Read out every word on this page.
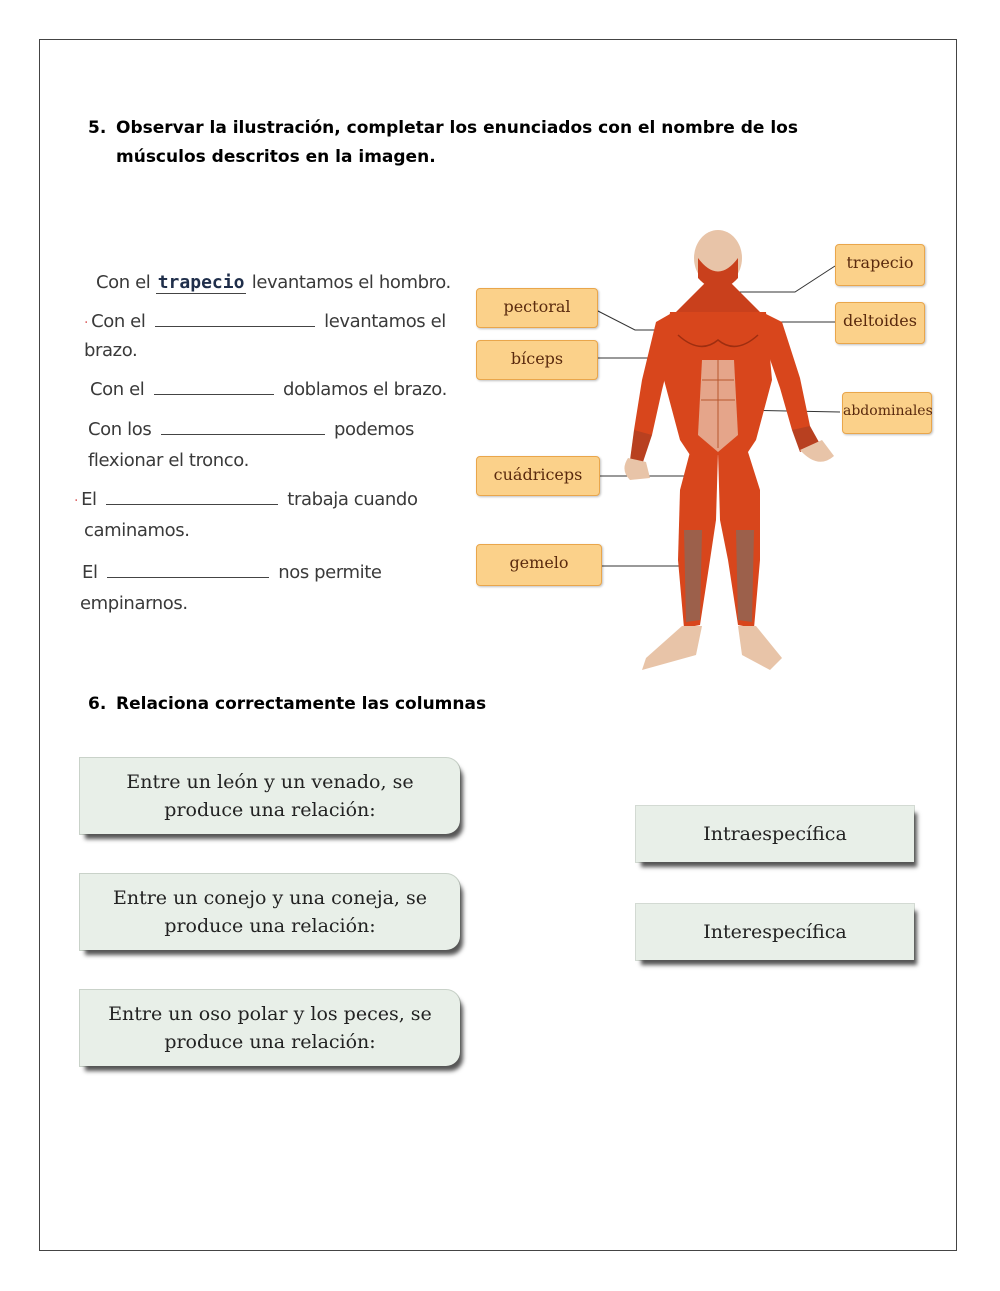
5. Observar la ilustración, completar los enunciados con el nombre de los
músculos descritos en la imagen.
Con el trapecio levantamos el hombro.
· Con el	levantamos el
brazo.
Con el	doblamos el brazo.
Con los	podemos
flexionar el tronco.
· El	trabaja cuando
caminamos.
El	nos permite
empinarnos.
pectoral
bíceps
cuádriceps
gemelo
trapecio
deltoides
abdominales
6. Relaciona correctamente las columnas
Entre un león y un venado, se
produce una relación:
Entre un conejo y una coneja, se
produce una relación:
Entre un oso polar y los peces, se
produce una relación:
Intraespecífica
Interespecífica
